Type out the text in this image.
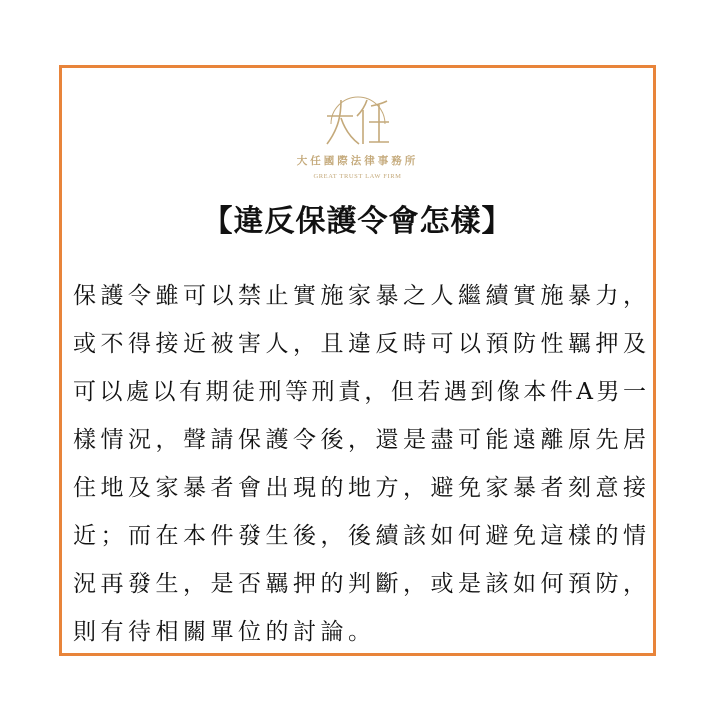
大任國際法律事務所
GREAT TRUST LAW FIRM
【違反保護令會怎樣】
保護令雖可以禁止實施家暴之人繼續實施暴力，
或不得接近被害人，且違反時可以預防性羈押及
可以處以有期徒刑等刑責，但若遇到像本件A男一
樣情況，聲請保護令後，還是盡可能遠離原先居
住地及家暴者會出現的地方，避免家暴者刻意接
近；而在本件發生後，後續該如何避免這樣的情
況再發生，是否羈押的判斷，或是該如何預防，
則有待相關單位的討論。
